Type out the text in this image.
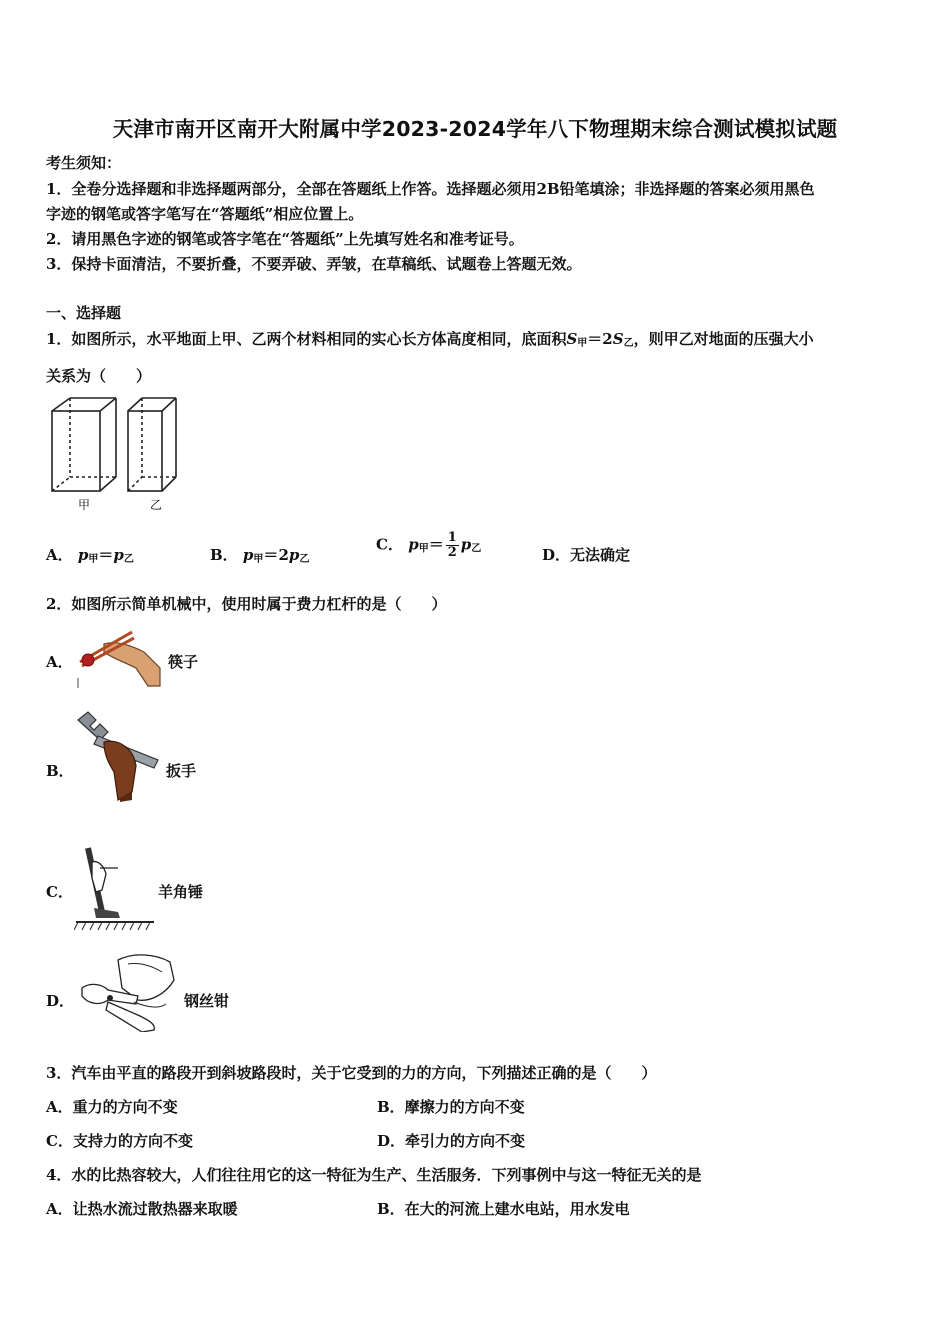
天津市南开区南开大附属中学2023-2024学年八下物理期末综合测试模拟试题
考生须知：
1．全卷分选择题和非选择题两部分，全部在答题纸上作答。选择题必须用2B铅笔填涂；非选择题的答案必须用黑色
字迹的钢笔或答字笔写在“答题纸”相应位置上。
2．请用黑色字迹的钢笔或答字笔在“答题纸”上先填写姓名和准考证号。
3．保持卡面清洁，不要折叠，不要弄破、弄皱，在草稿纸、试题卷上答题无效。
一、选择题
1．如图所示，水平地面上甲、乙两个材料相同的实心长方体高度相同，底面积$S_甲=2S_乙$，则甲乙对地面的压强大小
关系为（　　）
甲	乙
A． $p_甲=p_乙$	B． $p_甲=2p_乙$
C． $p_甲= \frac{1}{2} p_乙$	D．无法确定
2．如图所示简单机械中，使用时属于费力杠杆的是（　　）
A．	筷子
B．	扳手
C．	羊角锤
D．	钢丝钳
3．汽车由平直的路段开到斜坡路段时，关于它受到的力的方向，下列描述正确的是（　　）
A．重力的方向不变	B．摩擦力的方向不变
C．支持力的方向不变	D．牵引力的方向不变
4．水的比热容较大，人们往往用它的这一特征为生产、生活服务．下列事例中与这一特征无关的是
A．让热水流过散热器来取暖	B．在大的河流上建水电站，用水发电
